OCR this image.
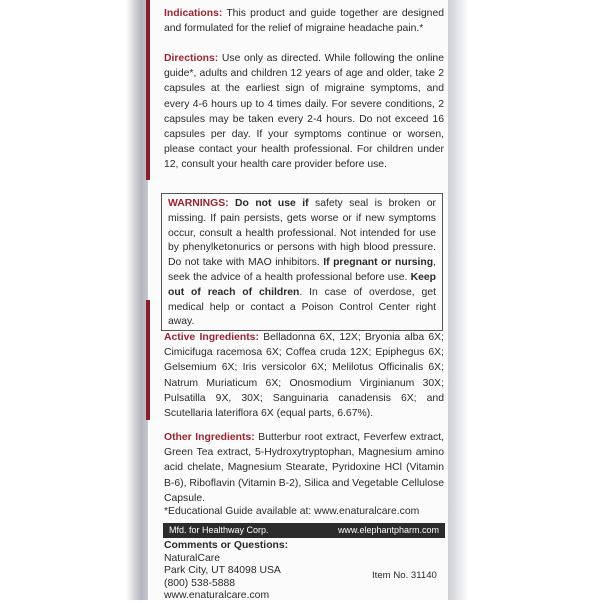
Indications: This product and guide together are designed and formulated for the relief of migraine headache pain.*
Directions: Use only as directed. While following the online guide*, adults and children 12 years of age and older, take 2 capsules at the earliest sign of migraine symptoms, and every 4-6 hours up to 4 times daily. For severe conditions, 2 capsules may be taken every 2-4 hours. Do not exceed 16 capsules per day. If your symptoms continue or worsen, please contact your health professional. For children under 12, consult your health care provider before use.
WARNINGS: Do not use if safety seal is broken or missing. If pain persists, gets worse or if new symptoms occur, consult a health professional. Not intended for use by phenylketonurics or persons with high blood pressure. Do not take with MAO inhibitors. If pregnant or nursing, seek the advice of a health professional before use. Keep out of reach of children. In case of overdose, get medical help or contact a Poison Control Center right away.
Active Ingredients: Belladonna 6X, 12X; Bryonia alba 6X; Cimicifuga racemosa 6X; Coffea cruda 12X; Epiphegus 6X; Gelsemium 6X; Iris versicolor 6X; Melilotus Officinalis 6X; Natrum Muriaticum 6X; Onosmodium Virginianum 30X; Pulsatilla 9X, 30X; Sanguinaria canadensis 6X; and Scutellaria lateriflora 6X (equal parts, 6.67%).
Other Ingredients: Butterbur root extract, Feverfew extract, Green Tea extract, 5-Hydroxytryptophan, Magnesium amino acid chelate, Magnesium Stearate, Pyridoxine HCl (Vitamin B-6), Riboflavin (Vitamin B-2), Silica and Vegetable Cellulose Capsule.
*Educational Guide available at: www.enaturalcare.com
Mfd. for Healthway Corp.	www.elephantpharm.com
Comments or Questions:
NaturalCare
Park City, UT 84098 USA
(800) 538-5888
www.enaturalcare.com
Item No. 31140
